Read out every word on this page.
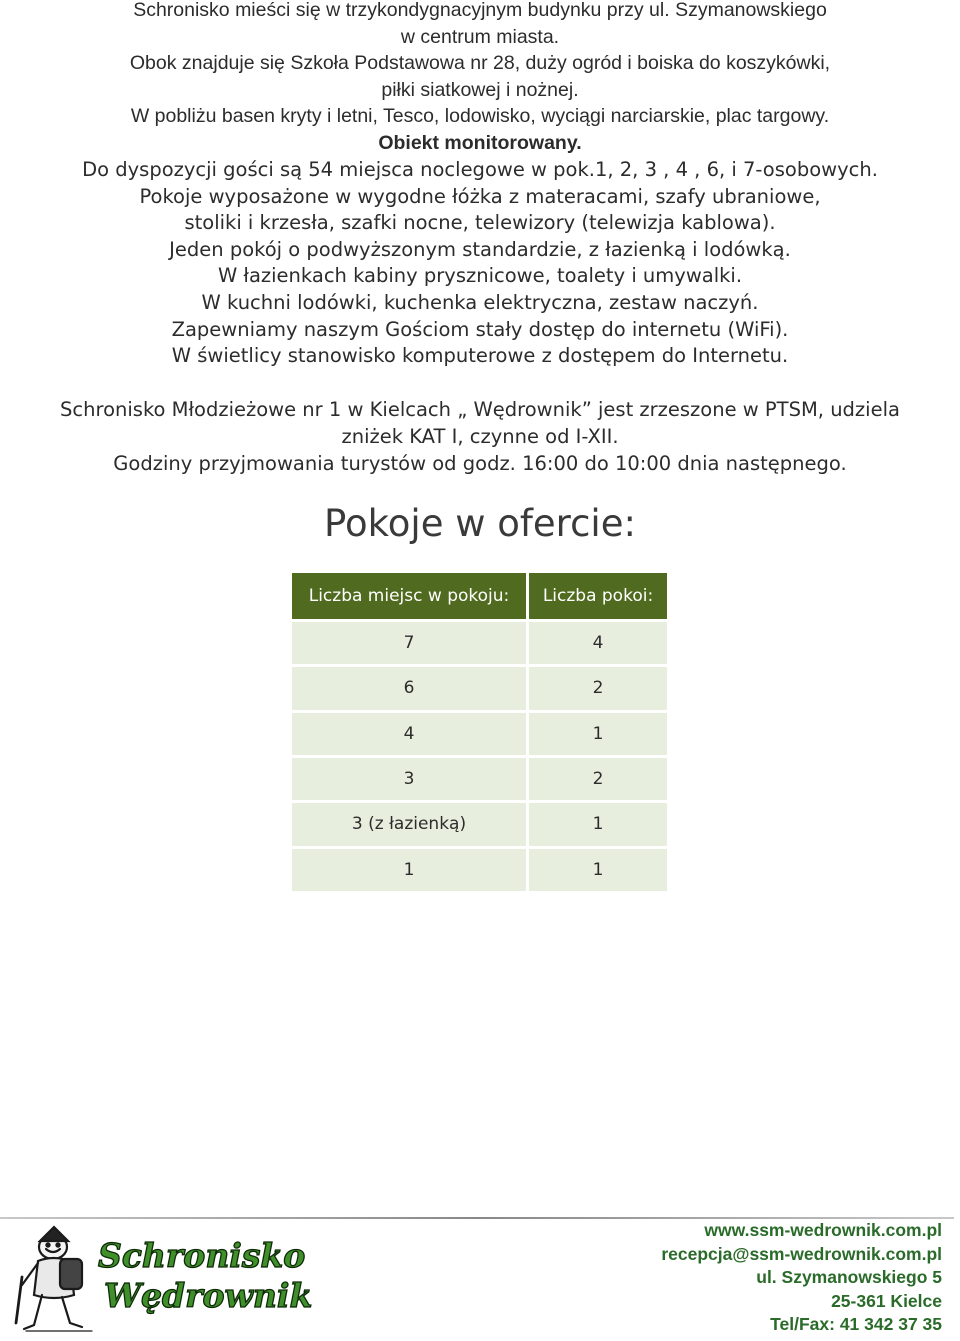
Schronisko mieści się w trzykondygnacyjnym budynku przy ul. Szymanowskiego
w centrum miasta.
Obok znajduje się Szkoła Podstawowa nr 28, duży ogród i boiska do koszykówki,
piłki siatkowej i nożnej.
W pobliżu basen kryty i letni, Tesco, lodowisko, wyciągi narciarskie, plac targowy.
Obiekt monitorowany.
Do dyspozycji gości są 54 miejsca noclegowe w pok.1, 2, 3 , 4 , 6, i 7-osobowych.
Pokoje wyposażone w wygodne łóżka z materacami, szafy ubraniowe,
stoliki i krzesła, szafki nocne, telewizory (telewizja kablowa).
Jeden pokój o podwyższonym standardzie, z łazienką i lodówką.
W łazienkach kabiny prysznicowe, toalety i umywalki.
W kuchni lodówki, kuchenka elektryczna, zestaw naczyń.
Zapewniamy naszym Gościom stały dostęp do internetu (WiFi).
W świetlicy stanowisko komputerowe z dostępem do Internetu.
Schronisko Młodzieżowe nr 1 w Kielcach „ Wędrownik” jest zrzeszone w PTSM, udziela
zniżek KAT I, czynne od I-XII.
Godziny przyjmowania turystów od godz. 16:00 do 10:00 dnia następnego.
Pokoje w ofercie:
Liczba miejsc w pokoju:	Liczba pokoi:
7	4
6	2
4	1
3	2
3 (z łazienką)	1
1	1
Schronisko
Wędrownik
www.ssm-wedrownik.com.pl
recepcja@ssm-wedrownik.com.pl
ul. Szymanowskiego 5
25-361 Kielce
Tel/Fax: 41 342 37 35
